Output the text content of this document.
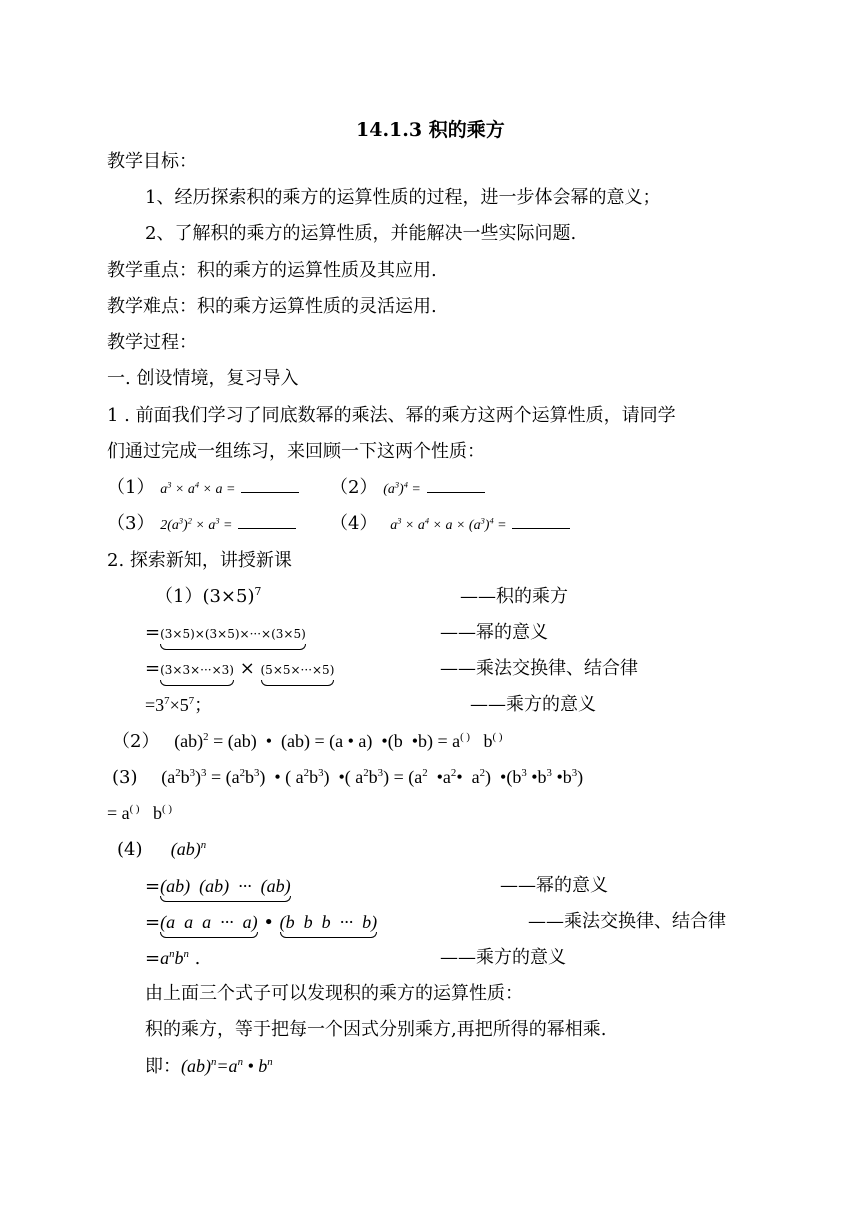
14.1.3 积的乘方
教学目标：
1、经历探索积的乘方的运算性质的过程，进一步体会幂的意义；
2、了解积的乘方的运算性质，并能解决一些实际问题.
教学重点：积的乘方的运算性质及其应用.
教学难点：积的乘方运算性质的灵活运用.
教学过程：
一. 创设情境，复习导入
1 . 前面我们学习了同底数幂的乘法、幂的乘方这两个运算性质，请同学
们通过完成一组练习，来回顾一下这两个性质：
（1） $a^3 \times a^4 \times a$ =	（2） $(a^3)^4$ =
（3） $2(a^3)^2 \times a^3$ =	（4）   $a^3 \times a^4 \times a \times (a^3)^4$ =
2. 探索新知，讲授新课
$(1)(3\times 5)^7$	——积的乘方
=(3×5)×(3×5)×···×(3×5)	——幂的意义
=(3×3×···×3) × (5×5×···×5)	——乘法交换律、结合律
$=3^7\times 5^7$；	——乘方的意义
（2）   (ab)$^2$ = (ab)  •  (ab) = (a • a)  •(b  •b) = a( )   b( )
(3)     $(a^2b^3)^3 = (a^2b^3)$  • ( $a^2b^3$)  •( $a^2b^3) = (a^2$  $•a^2•$  $a^2$)  $•(b^3$ $•b^3$ $•b^3$)
= a( )   b( )
(4)      (ab)$^n$
=(ab)  (ab)  ···  (ab)	——幂的意义
=(a  a  a  ···  a) • (b  b  b  ···  b)	——乘法交换律、结合律
$=a^nb^n$ .	——乘方的意义
由上面三个式子可以发现积的乘方的运算性质：
积的乘方，等于把每一个因式分别乘方,再把所得的幂相乘.
即：$(ab)^n=a^n$ • $b^n$
